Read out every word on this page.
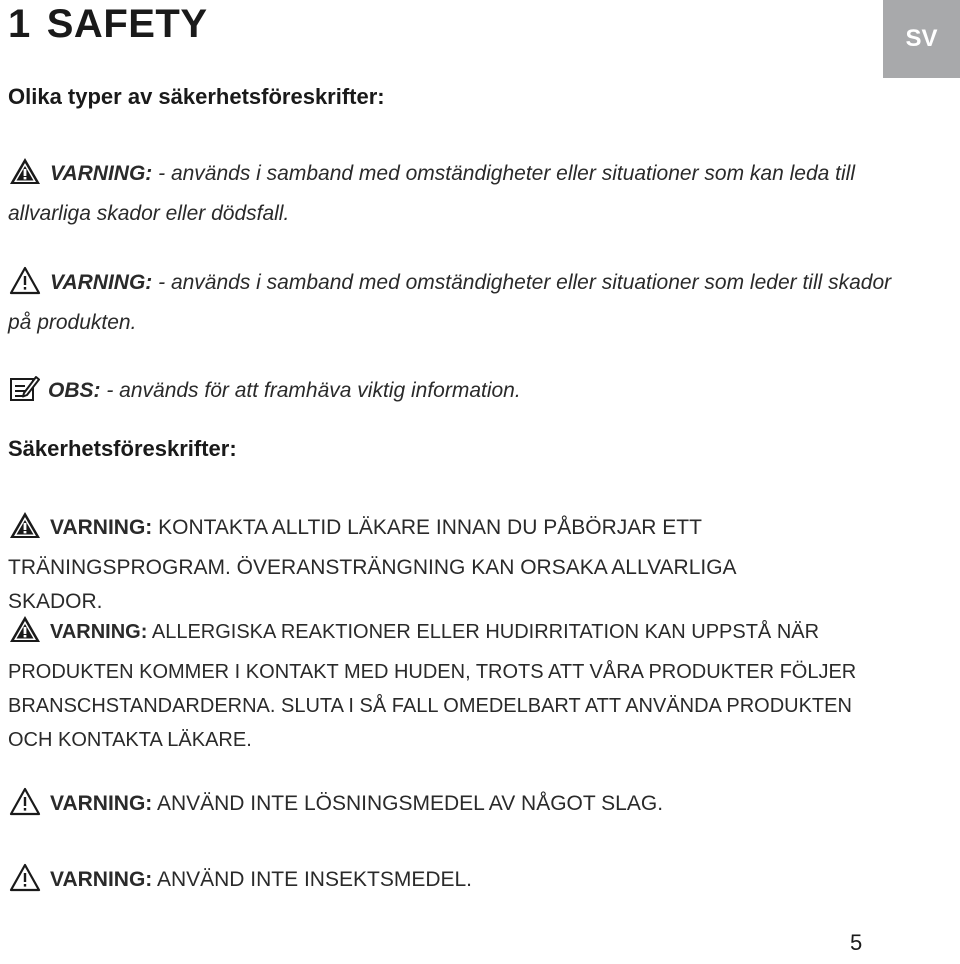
1 SAFETY	SV
Olika typer av säkerhetsföreskrifter:
VARNING: - används i samband med omständigheter eller situationer som kan leda till allvarliga skador eller dödsfall.
VARNING: - används i samband med omständigheter eller situationer som leder till skador på produkten.
OBS: - används för att framhäva viktig information.
Säkerhetsföreskrifter:
VARNING: KONTAKTA ALLTID LÄKARE INNAN DU PÅBÖRJAR ETT TRÄNINGSPROGRAM. ÖVERANSTRÄNGNING KAN ORSAKA ALLVARLIGA SKADOR.
VARNING: ALLERGISKA REAKTIONER ELLER HUDIRRITATION KAN UPPSTÅ NÄR PRODUKTEN KOMMER I KONTAKT MED HUDEN, TROTS ATT VÅRA PRODUKTER FÖLJER BRANSCHSTANDARDERNA. SLUTA I SÅ FALL OMEDELBART ATT ANVÄNDA PRODUKTEN OCH KONTAKTA LÄKARE.
VARNING: ANVÄND INTE LÖSNINGSMEDEL AV NÅGOT SLAG.
VARNING: ANVÄND INTE INSEKTSMEDEL.
5
